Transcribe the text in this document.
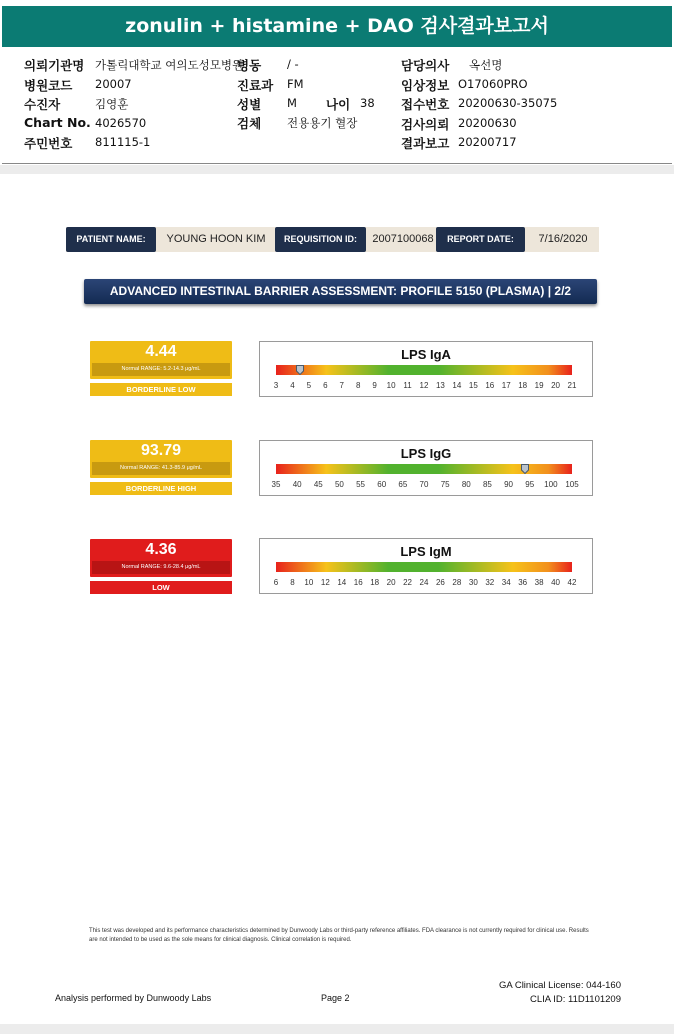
zonulin + histamine + DAO 검사결과보고서
의뢰기관명 가톨릭대학교 여의도성모병원
병동 / -	담당의사 옥선명
병원코드 20007	진료과 FM	임상정보 O17060PRO
수진자	김영훈	성별 M 나이 38 접수번호 20200630-35075
Chart No. 4026570	검체 전용용기 혈장	검사의뢰 20200630
주민번호 811115-1	결과보고 20200717
PATIENT NAME:	YOUNG HOON KIM	REQUISITION ID:	2007100068	REPORT DATE:	7/16/2020
ADVANCED INTESTINAL BARRIER ASSESSMENT: PROFILE 5150 (PLASMA) | 2/2
4.44
Normal RANGE: 5.2-14.3 μg/mL
BORDERLINE LOW
LPS IgA
3 4 5 6 7 8 9 10 11 12 13 14 15 16 17 18 19 20 21
93.79
Normal RANGE: 41.3-85.9 μg/mL
BORDERLINE HIGH
LPS IgG
35 40 45 50 55 60 65 70 75 80 85 90 95 100 105
4.36
Normal RANGE: 9.6-28.4 μg/mL
LOW
LPS IgM
6 8 10 12 14 16 18 20 22 24 26 28 30 32 34 36 38 40 42
This test was developed and its performance characteristics determined by Dunwoody Labs or third-party reference affiliates. FDA clearance is not currently required for clinical use. Results are not intended to be used as the sole means for clinical diagnosis. Clinical correlation is required.
Analysis performed by Dunwoody Labs	Page 2
GA Clinical License: 044-160
CLIA ID: 11D1101209
